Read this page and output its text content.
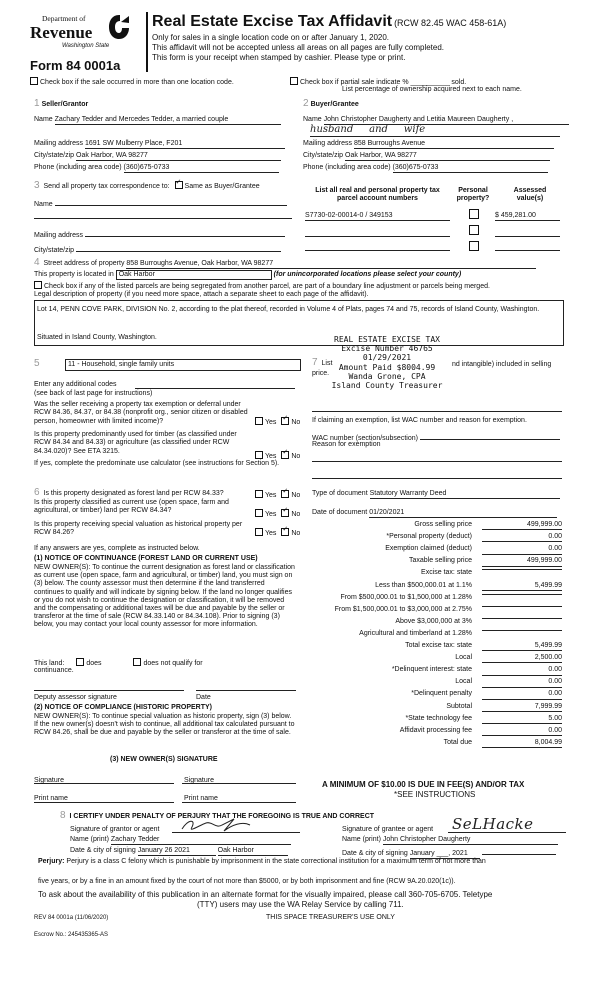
Department of
Revenue
Washington State
Form 84 0001a
Real Estate Excise Tax Affidavit (RCW 82.45 WAC 458-61A)
Only for sales in a single location code on or after January 1, 2020.
This affidavit will not be accepted unless all areas on all pages are fully completed.
This form is your receipt when stamped by cashier. Please type or print.
Check box if the sale occurred in more than one location code.	Check box if partial sale indicate % __________ sold.
List percentage of ownership acquired next to each name.
1 Seller/Grantor
Name Zachary Tedder and Mercedes Tedder, a married couple
Mailing address 1691 SW Mulberry Place, F201
City/state/zip Oak Harbor, WA 98277
Phone (including area code) (360)675-0733
2 Buyer/Grantee
Name John Christopher Daugherty and Letitia Maureen Daugherty ,
husband     and     wife
Mailing address 858 Burroughs Avenue
City/state/zip Oak Harbor, WA 98277
Phone (including area code) (360)675-0733
3 Send all property tax correspondence to: ✓ Same as Buyer/Grantee
Name
Mailing address
City/state/zip
List all real and personal property tax parcel account numbers
Personal property?
Assessed value(s)
S7730-02-00014-0 / 349153	$ 459,281.00
4 Street address of property 858 Burroughs Avenue, Oak Harbor, WA 98277
This property is located in Oak Harbor	(for unincorporated locations please select your county)
Check box if any of the listed parcels are being segregated from another parcel, are part of a boundary line adjustment or parcels being merged.
Legal description of property (if you need more space, attach a separate sheet to each page of the affidavit).
Lot 14, PENN COVE PARK, DIVISION No. 2, according to the plat thereof, recorded in Volume 4 of Plats, pages 74 and 75, records of Island County, Washington.
Situated in Island County, Washington.	REAL ESTATE EXCISE TAX
Excise Number 46765
01/29/2021
Amount Paid $8004.99
Wanda Grone, CPA
Island County Treasurer
5	11 - Household, single family units
Enter any additional codes
(see back of last page for instructions)
Was the seller receiving a property tax exemption or deferral under RCW 84.36, 84.37, or 84.38 (nonprofit org., senior citizen or disabled person, homeowner with limited income)?	Yes ✓ No
Is this property predominantly used for timber (as classified under RCW 84.34 and 84.33) or agriculture (as classified under RCW 84.34.020)? See ETA 3215.
Yes ✓ No
If yes, complete the predominate use calculator (see instructions for Section 5).
7 List
price.
nd intangible) included in selling
If claiming an exemption, list WAC number and reason for exemption.
WAC number (section/subsection)
Reason for exemption
Type of document Statutory Warranty Deed
Date of document 01/20/2021
6 Is this property designated as forest land per RCW 84.33?	Yes ✓ No
Is this property classified as current use (open space, farm and agricultural, or timber) land per RCW 84.34?
Yes ✓ No
Is this property receiving special valuation as historical property per RCW 84.26?	Yes ✓ No
If any answers are yes, complete as instructed below.
(1) NOTICE OF CONTINUANCE (FOREST LAND OR CURRENT USE)
NEW OWNER(S): To continue the current designation as forest land or classification as current use (open space, farm and agricultural, or timber) land, you must sign on (3) below. The county assessor must then determine if the land transferred continues to qualify and will indicate by signing below. If the land no longer qualifies or you do not wish to continue the designation or classification, it will be removed and the compensating or additional taxes will be due and payable by the seller or transferor at the time of sale (RCW 84.33.140 or 84.34.108). Prior to signing (3) below, you may contact your local county assessor for more information.
This land:	does	does not qualify for
continuance.
Deputy assessor signature	Date
(2) NOTICE OF COMPLIANCE (HISTORIC PROPERTY)
NEW OWNER(S): To continue special valuation as historic property, sign (3) below. If the new owner(s) doesn't wish to continue, all additional tax calculated pursuant to RCW 84.26, shall be due and payable by the seller or transferor at the time of sale.
(3) NEW OWNER(S) SIGNATURE
Signature	Signature
Print name	Print name
Gross selling price	499,999.00
*Personal property (deduct)	0.00
Exemption claimed (deduct)	0.00
Taxable selling price	499,999.00
Excise tax: state
Less than $500,000.01 at 1.1%	5,499.99
From $500,000.01 to $1,500,000 at 1.28%
From $1,500,000.01 to $3,000,000 at 2.75%
Above $3,000,000 at 3%
Agricultural and timberland at 1.28%
Total excise tax: state	5,499.99
Local	2,500.00
*Delinquent interest: state	0.00
Local	0.00
*Delinquent penalty	0.00
Subtotal	7,999.99
*State technology fee	5.00
Affidavit processing fee	0.00
Total due	8,004.99
A MINIMUM OF $10.00 IS DUE IN FEE(S) AND/OR TAX
*SEE INSTRUCTIONS
8 I CERTIFY UNDER PENALTY OF PERJURY THAT THE FOREGOING IS TRUE AND CORRECT
Signature of grantor or agent	Signature of grantee or agent SeLHacke
Name (print) Zachary Tedder	Name (print) John Christopher Daugherty
Date & city of signing January 26 2021	Oak Harbor	Date & city of signing January ___, 2021
Perjury: Perjury is a class C felony which is punishable by imprisonment in the state correctional institution for a maximum term of not more than
five years, or by a fine in an amount fixed by the court of not more than $5000, or by both imprisonment and fine (RCW 9A.20.020(1c)).
To ask about the availability of this publication in an alternate format for the visually impaired, please call 360-705-6705. Teletype
(TTY) users may use the WA Relay Service by calling 711.
REV 84 0001a (11/06/2020)	THIS SPACE TREASURER'S USE ONLY
Escrow No.: 245435365-AS
